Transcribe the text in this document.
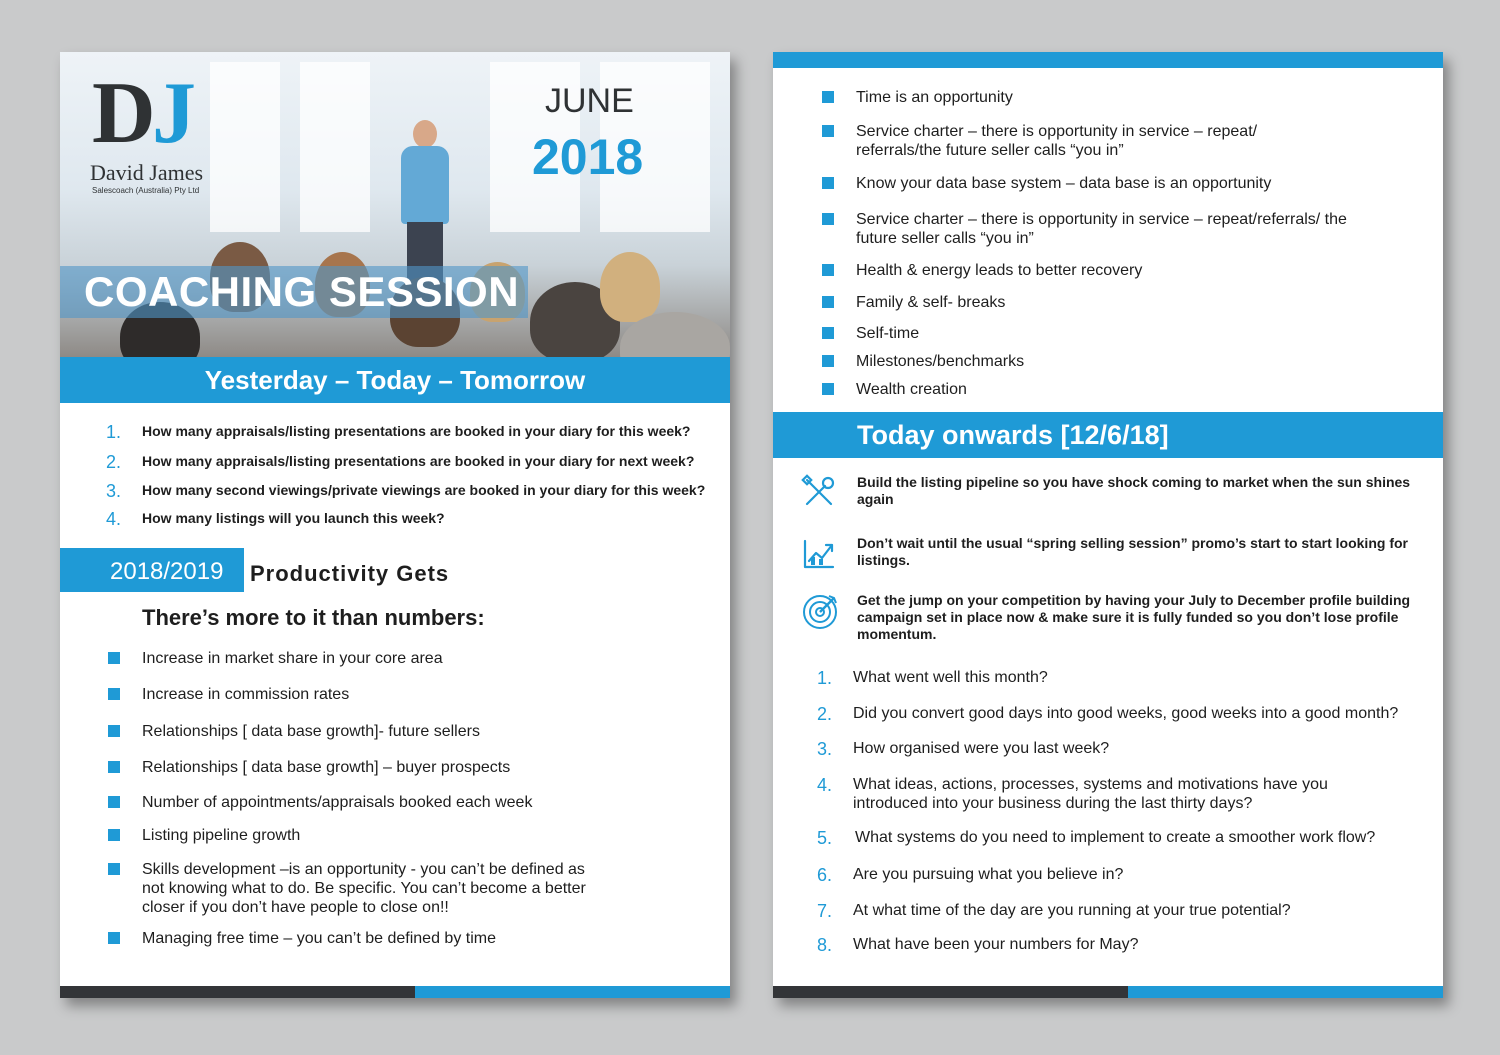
D
J
David James
Salescoach (Australia) Pty Ltd
JUNE
2018
COACHING SESSION
Yesterday – Today – Tomorrow
1. How many appraisals/listing presentations are booked in your diary for this week?
2. How many appraisals/listing presentations are booked in your diary for next week?
3. How many second viewings/private viewings are booked in your diary for this week?
4. How many listings will you launch this week?
2018/2019 Productivity Gets
There’s more to it than numbers:
Increase in market share in your core area
Increase in commission rates
Relationships [ data base growth]- future sellers
Relationships [ data base growth] – buyer prospects
Number of appointments/appraisals booked each week
Listing pipeline growth
Skills development –is an opportunity - you can’t be defined as not knowing what to do. Be specific. You can’t become a better closer if you don’t have people to close on!!
Managing free time – you can’t be defined by time
Time is an opportunity
Service charter – there is opportunity in service – repeat/ referrals/the future seller calls “you in”
Know your data base system – data base is an opportunity
Service charter – there is opportunity in service – repeat/referrals/ the future seller calls “you in”
Health & energy leads to better recovery
Family & self- breaks
Self-time
Milestones/benchmarks
Wealth creation
Today onwards [12/6/18]
Build the listing pipeline so you have shock coming to market when the sun shines again
Don’t wait until the usual “spring selling session” promo’s start to start looking for listings.
Get the jump on your competition by having your July to December profile building campaign set in place now & make sure it is fully funded so you don’t lose profile momentum.
1. What went well this month?
2. Did you convert good days into good weeks, good weeks into a good month?
3. How organised were you last week?
4. What ideas, actions, processes, systems and motivations have you introduced into your business during the last thirty days?
5. What systems do you need to implement to create a smoother work flow?
6. Are you pursuing what you believe in?
7. At what time of the day are you running at your true potential?
8. What have been your numbers for May?
